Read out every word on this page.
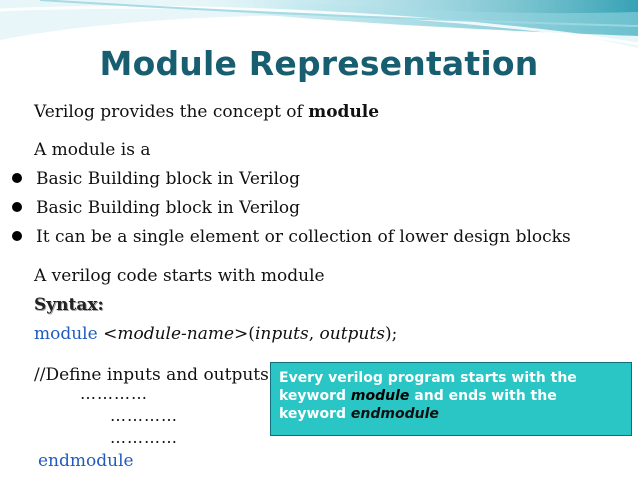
Module Representation
Verilog provides the concept of module
A module is a
Basic Building block in Verilog
Basic Building block in Verilog
It can be a single element or collection of lower design blocks
A verilog code starts with module
Syntax:
module <module-name>(inputs, outputs);
//Define inputs and outputs
…………
…………
…………
endmodule
Every verilog program starts with the keyword module and ends with the keyword endmodule
